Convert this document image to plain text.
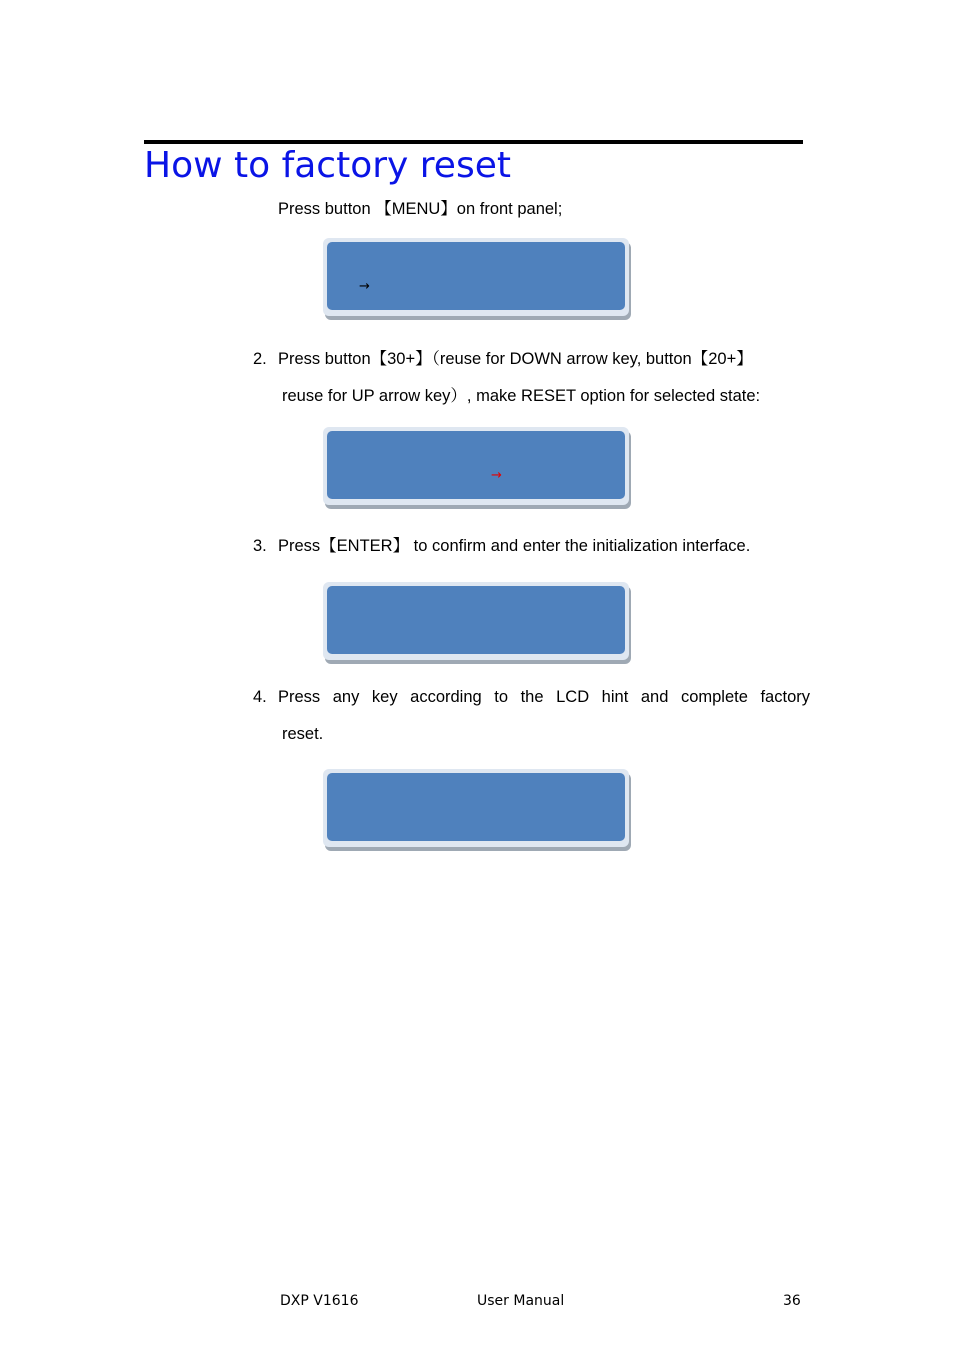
How to factory reset
Press button 【MENU】on front panel;
→
2. Press button【30+】（reuse for DOWN arrow key, button【20+】
reuse for UP arrow key）, make RESET option for selected state:
→
3. Press【ENTER】 to confirm and enter the initialization interface.
4. Press any key according to the LCD hint and complete factory
reset.
DXP V1616	User Manual	36
